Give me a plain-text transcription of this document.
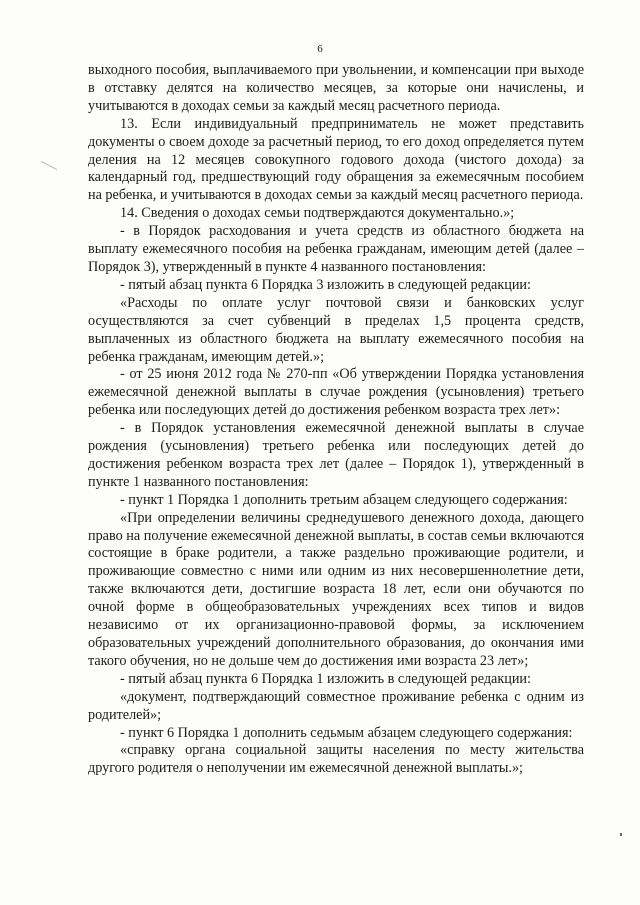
6

выходного пособия, выплачиваемого при увольнении, и компенсации при выходе в отставку делятся на количество месяцев, за которые они начислены, и учитываются в доходах семьи за каждый месяц расчетного периода.

13. Если индивидуальный предприниматель не может представить документы о своем доходе за расчетный период, то его доход определяется путем деления на 12 месяцев совокупного годового дохода (чистого дохода) за календарный год, предшествующий году обращения за ежемесячным пособием на ребенка, и учитываются в доходах семьи за каждый месяц расчетного периода.

14. Сведения о доходах семьи подтверждаются документально.»;

- в Порядок расходования и учета средств из областного бюджета на выплату ежемесячного пособия на ребенка гражданам, имеющим детей (далее – Порядок 3), утвержденный в пункте 4 названного постановления:

- пятый абзац пункта 6 Порядка 3 изложить в следующей редакции:

«Расходы по оплате услуг почтовой связи и банковских услуг осуществляются за счет субвенций в пределах 1,5 процента средств, выплаченных из областного бюджета на выплату ежемесячного пособия на ребенка гражданам, имеющим детей.»;

- от 25 июня 2012 года № 270-пп «Об утверждении Порядка установления ежемесячной денежной выплаты в случае рождения (усыновления) третьего ребенка или последующих детей до достижения ребенком возраста трех лет»:

- в Порядок установления ежемесячной денежной выплаты в случае рождения (усыновления) третьего ребенка или последующих детей до достижения ребенком возраста трех лет (далее – Порядок 1), утвержденный в пункте 1 названного постановления:

- пункт 1 Порядка 1 дополнить третьим абзацем следующего содержания:

«При определении величины среднедушевого денежного дохода, дающего право на получение ежемесячной денежной выплаты, в состав семьи включаются состоящие в браке родители, а также раздельно проживающие родители, и проживающие совместно с ними или одним из них несовершеннолетние дети, также включаются дети, достигшие возраста 18 лет, если они обучаются по очной форме в общеобразовательных учреждениях всех типов и видов независимо от их организационно-правовой формы, за исключением образовательных учреждений дополнительного образования, до окончания ими такого обучения, но не дольше чем до достижения ими возраста 23 лет»;

- пятый абзац пункта 6 Порядка 1 изложить в следующей редакции:

«документ, подтверждающий совместное проживание ребенка с одним из родителей»;

- пункт 6 Порядка 1 дополнить седьмым абзацем следующего содержания:

«справку органа социальной защиты населения по месту жительства другого родителя о неполучении им ежемесячной денежной выплаты.»;
